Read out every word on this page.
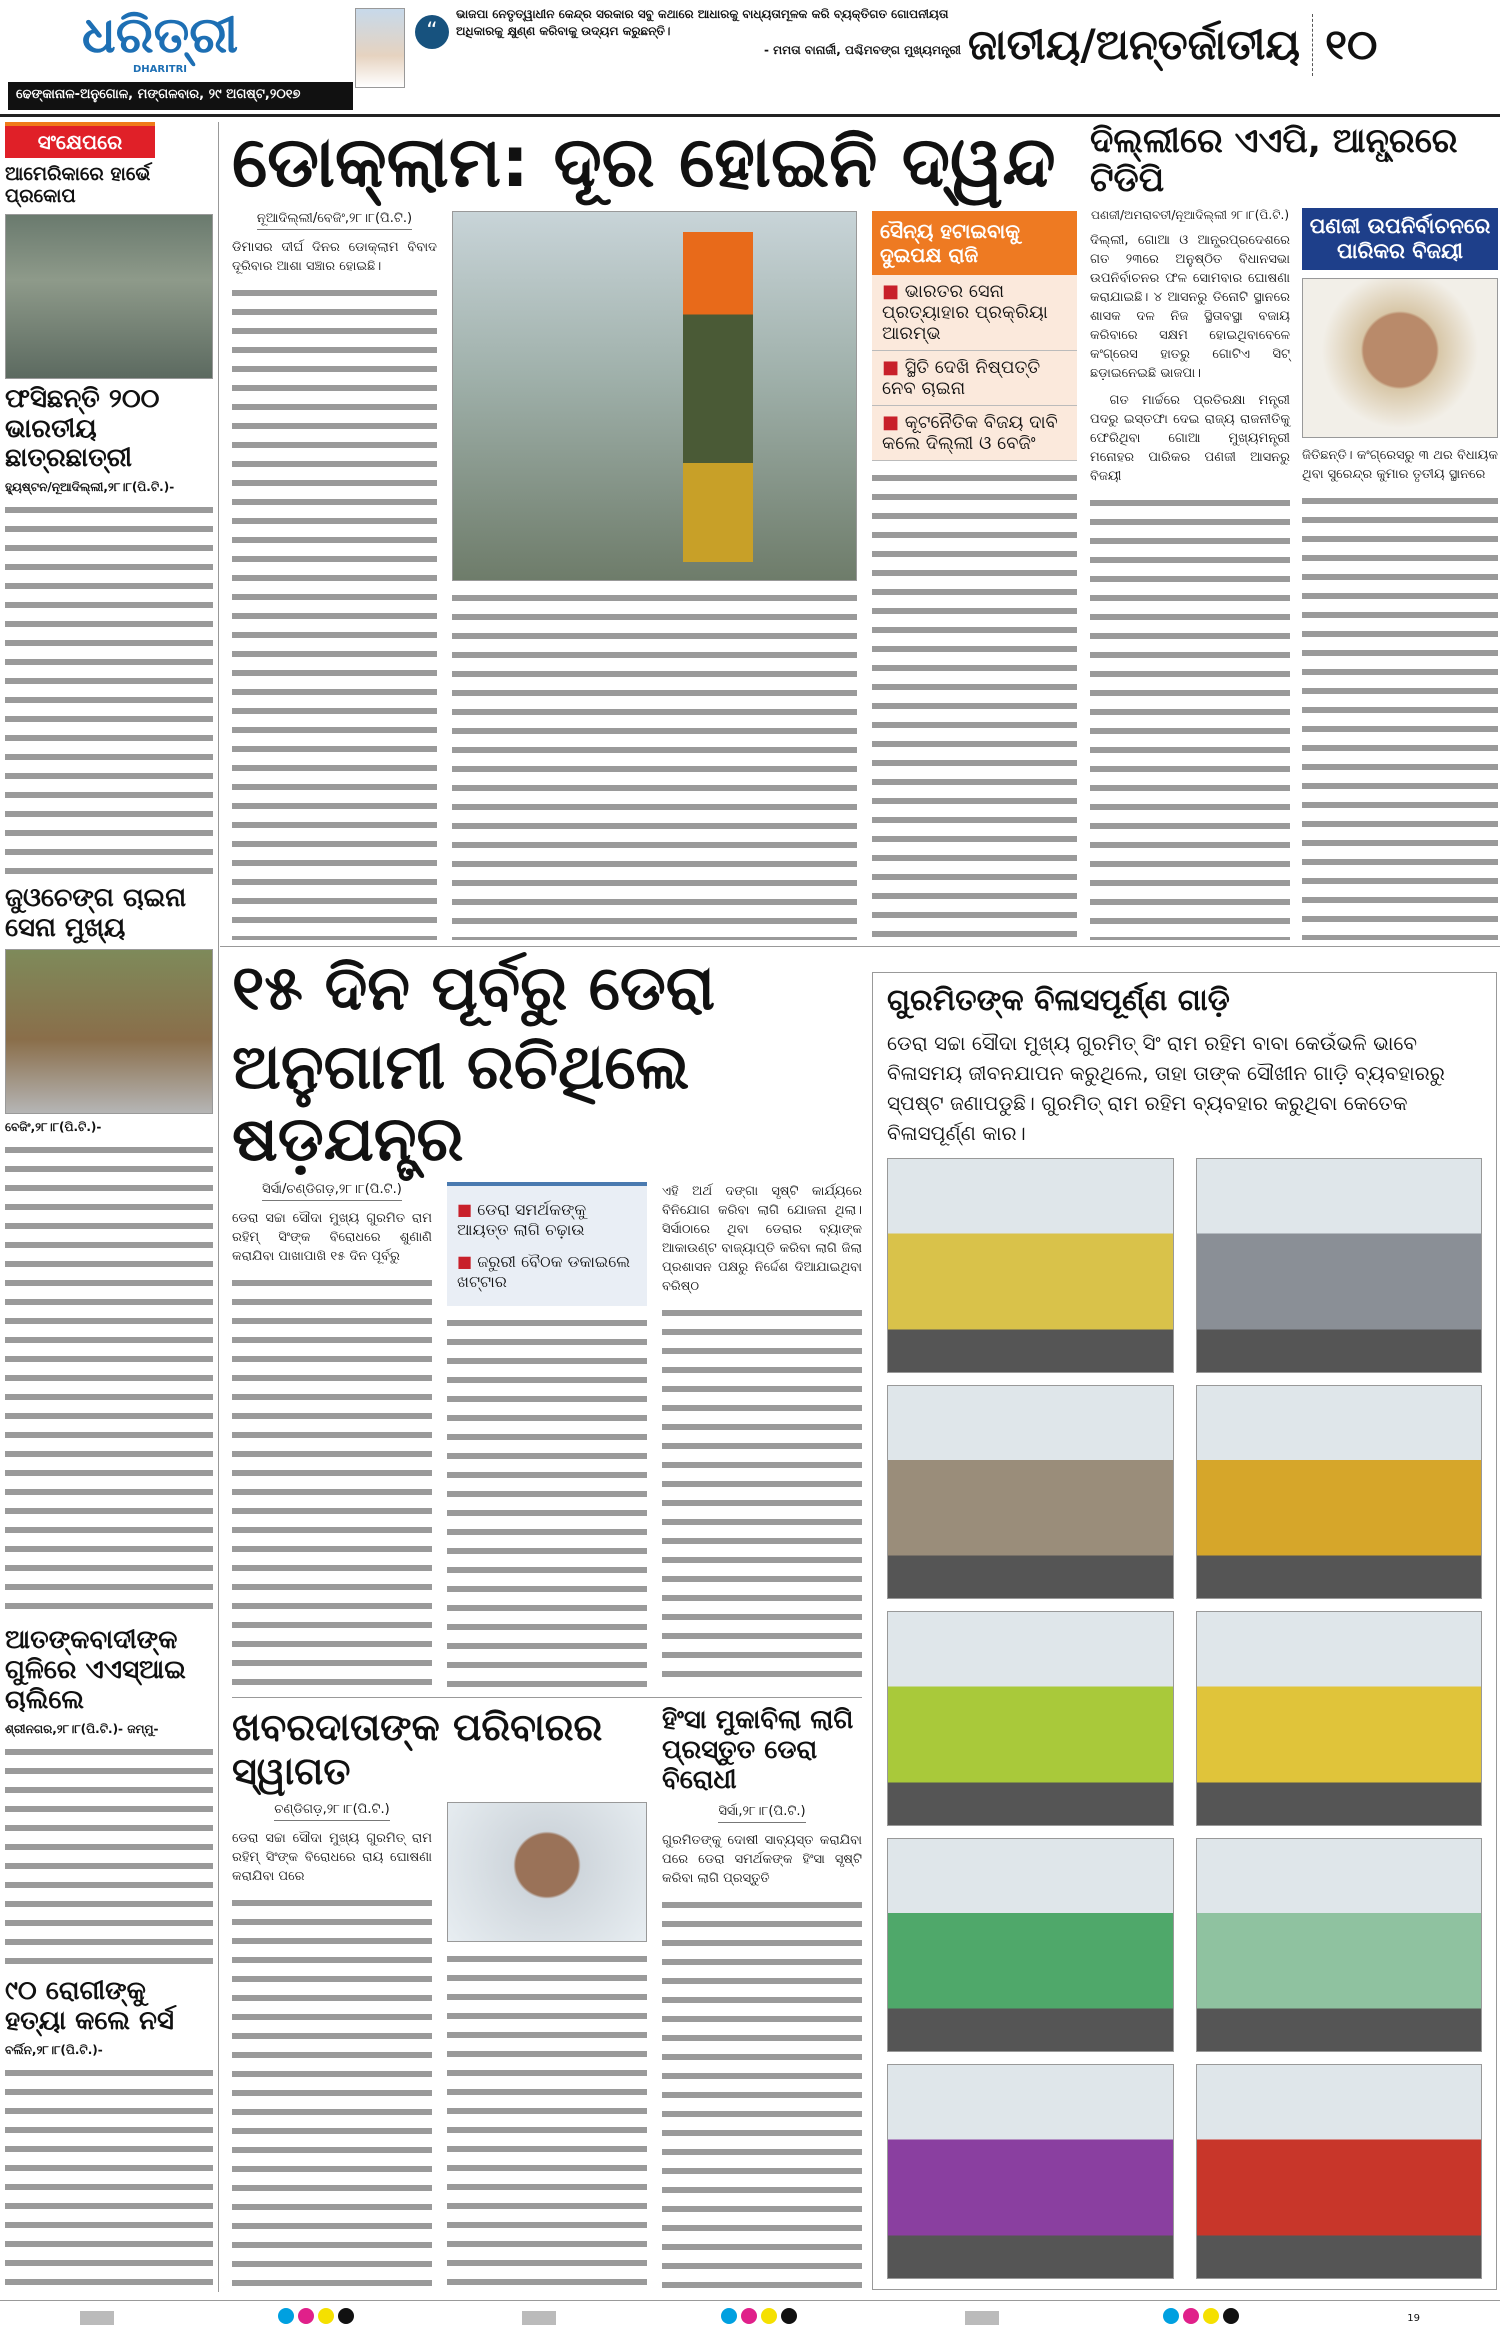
ଧରିତ୍ରୀ
DHARITRI
ଢେଙ୍କାନାଳ-ଅନୁଗୋଳ, ମଙ୍ଗଳବାର, ୨୯ ଅଗଷ୍ଟ,୨୦୧୭
“
ଭାଜପା ନେତୃତ୍ୱାଧୀନ କେନ୍ଦ୍ର ସରକାର ସବୁ କଥାରେ ଆଧାରକୁ ବାଧ୍ୟତାମୂଳକ କରି ବ୍ୟକ୍ତିଗତ ଗୋପନୀୟତା ଅଧିକାରକୁ କ୍ଷୁଣ୍ଣ କରିବାକୁ ଉଦ୍ୟମ କରୁଛନ୍ତି।
- ମମତା ବାନାର୍ଜୀ, ପଶ୍ଚିମବଙ୍ଗ ମୁଖ୍ୟମନ୍ତ୍ରୀ ଜାତୀୟ/ଅନ୍ତର୍ଜାତୀୟ ୧୦
ସଂକ୍ଷେପରେ
ଆମେରିକାରେ ହାର୍ଭେ ପ୍ରକୋପ
ଫସିଛନ୍ତି ୨୦୦ ଭାରତୀୟ ଛାତ୍ରଛାତ୍ରୀ
ହ୍ୟୁଷ୍ଟନ/ନୂଆଦିଲ୍ଲୀ,୨୮।୮(ପି.ଟି.)-
ଜୁଓଚେଙ୍ଗ ଚାଇନା ସେନା ମୁଖ୍ୟ
ବେଜିଂ,୨୮।୮(ପି.ଟି.)-
ଆତଙ୍କବାଦୀଙ୍କ ଗୁଳିରେ ଏଏସ୍ଆଇ ଚାଲିଲେ
ଶ୍ରୀନଗର,୨୮।୮(ପି.ଟି.)- ଜମ୍ମୁ-
୯୦ ରୋଗୀଙ୍କୁ ହତ୍ୟା କଲେ ନର୍ସ
ବର୍ଲିନ,୨୮।୮(ପି.ଟି.)-
ଡୋକ୍ଲାମ: ଦୂର ହୋଇନି ଦ୍ୱନ୍ଦ
ନୂଆଦିଲ୍ଲୀ/ବେଜିଂ,୨୮।୮(ପି.ଟି.)
ଡିମାସର ଦୀର୍ଘ ଦିନର ଡୋକ୍ଲାମ ବିବାଦ ଦୂରିବାର ଆଶା ସଞ୍ଚାର ହୋଇଛି।
ସୈନ୍ୟ ହଟାଇବାକୁ ଦୁଇପକ୍ଷ ରାଜି
■ ଭାରତର ସେନା ପ୍ରତ୍ୟାହାର ପ୍ରକ୍ରିୟା ଆରମ୍ଭ
■ ସ୍ଥିତି ଦେଖି ନିଷ୍ପତ୍ତି ନେବ ଚାଇନା
■ କୂଟନୈତିକ ବିଜୟ ଦାବି କଲେ ଦିଲ୍ଲୀ ଓ ବେଜିଂ
ଦିଲ୍ଲୀରେ ଏଏପି, ଆନ୍ଧ୍ରରେ ଟିଡିପି
ପଣଜୀ/ଅମରାବତୀ/ନୂଆଦିଲ୍ଲୀ ୨୮।୮(ପି.ଟି.)
ଦିଲ୍ଲୀ, ଗୋଆ ଓ ଆନ୍ଧ୍ରପ୍ରଦେଶରେ ଗତ ୨୩ରେ ଅନୁଷ୍ଠିତ ବିଧାନସଭା ଉପନିର୍ବାଚନର ଫଳ ସୋମବାର ଘୋଷଣା କରାଯାଇଛି। ୪ ଆସନରୁ ତିନୋଟି ସ୍ଥାନରେ ଶାସକ ଦଳ ନିଜ ସ୍ଥିତାବସ୍ଥା ବଜାୟ କରିବାରେ ସକ୍ଷମ ହୋଇଥିବାବେଳେ କଂଗ୍ରେସ ହାତରୁ ଗୋଟିଏ ସିଟ୍ ଛଡ଼ାଇନେଇଛି ଭାଜପା।
ଗତ ମାର୍ଚ୍ଚରେ ପ୍ରତିରକ୍ଷା ମନ୍ତ୍ରୀ ପଦରୁ ଇସ୍ତଫା ଦେଇ ରାଜ୍ୟ ରାଜନୀତିକୁ ଫେରିଥିବା ଗୋଆ ମୁଖ୍ୟମନ୍ତ୍ରୀ ମନୋହର ପାରିକର ପଣଜୀ ଆସନରୁ ବିଜୟୀ
ପଣଜୀ ଉପନିର୍ବାଚନରେ ପାରିକର ବିଜୟୀ
ଜିତିଛନ୍ତି। କଂଗ୍ରେସରୁ ୩ ଥର ବିଧାୟକ ଥିବା ସୁରେନ୍ଦ୍ର କୁମାର ତୃତୀୟ ସ୍ଥାନରେ
୧୫ ଦିନ ପୂର୍ବରୁ ଡେରା
ଅନୁଗାମୀ ରଚିଥିଲେ ଷଡ଼ଯନ୍ତ୍ର
ସିର୍ସା/ଚଣ୍ଡିଗଡ଼,୨୮।୮(ପି.ଟି.)
ଡେରା ସଚ୍ଚା ସୌଦା ମୁଖ୍ୟ ଗୁରମିତ ରାମ ରହିମ୍ ସିଂଙ୍କ ବିରୋଧରେ ଶୁଣାଣି କରାଯିବା ପାଖାପାଖି ୧୫ ଦିନ ପୂର୍ବରୁ
■ ଡେରା ସମର୍ଥକଙ୍କୁ ଆୟତ୍ତ ଲାଗି ଚଢ଼ାଉ
■ ଜରୁରୀ ବୈଠକ ଡକାଇଲେ ଖଟ୍ଟାର
ଏହି ଅର୍ଥ ଦଙ୍ଗା ସୃଷ୍ଟି କାର୍ଯ୍ୟରେ ବିନିଯୋଗ କରିବା ଲାଗି ଯୋଜନା ଥିଲା। ସିର୍ସାଠାରେ ଥିବା ଡେରାର ବ୍ୟାଙ୍କ ଆକାଉଣ୍ଟ ବାଜ୍ୟାପ୍ତି କରିବା ଲାଗି ଜିଲା ପ୍ରଶାସନ ପକ୍ଷରୁ ନିର୍ଦ୍ଦେଶ ଦିଆଯାଇଥିବା ବରିଷ୍ଠ
ଖବରଦାତାଙ୍କ ପରିବାରର ସ୍ୱାଗତ
ଚଣ୍ଡିଗଡ଼,୨୮।୮(ପି.ଟି.)
ଡେରା ସଚ୍ଚା ସୌଦା ମୁଖ୍ୟ ଗୁରମିତ୍ ରାମ ରହିମ୍ ସିଂଙ୍କ ବିରୋଧରେ ରାୟ ଘୋଷଣା କରାଯିବା ପରେ
ହିଂସା ମୁକାବିଲା ଲାଗି ପ୍ରସ୍ତୁତ ଡେରା ବିରୋଧୀ
ସିର୍ସା,୨୮।୮(ପି.ଟି.)
ଗୁରମିତଙ୍କୁ ଦୋଷୀ ସାବ୍ୟସ୍ତ କରାଯିବା ପରେ ଡେରା ସମର୍ଥକଙ୍କ ହିଂସା ସୃଷ୍ଟି କରିବା ଲାଗି ପ୍ରସ୍ତୁତି
ଗୁରମିତଙ୍କ ବିଳାସପୂର୍ଣ୍ଣ ଗାଡ଼ି
ଡେରା ସଚ୍ଚା ସୌଦା ମୁଖ୍ୟ ଗୁରମିତ୍ ସିଂ ରାମ ରହିମ ବାବା କେଉଁଭଳି ଭାବେ ବିଳାସମୟ ଜୀବନଯାପନ କରୁଥିଲେ, ତାହା ତାଙ୍କ ସୌଖୀନ ଗାଡ଼ି ବ୍ୟବହାରରୁ ସ୍ପଷ୍ଟ ଜଣାପଡୁଛି। ଗୁରମିତ୍ ରାମ ରହିମ ବ୍ୟବହାର କରୁଥିବା କେତେକ ବିଳାସପୂର୍ଣ୍ଣ କାର।
19
